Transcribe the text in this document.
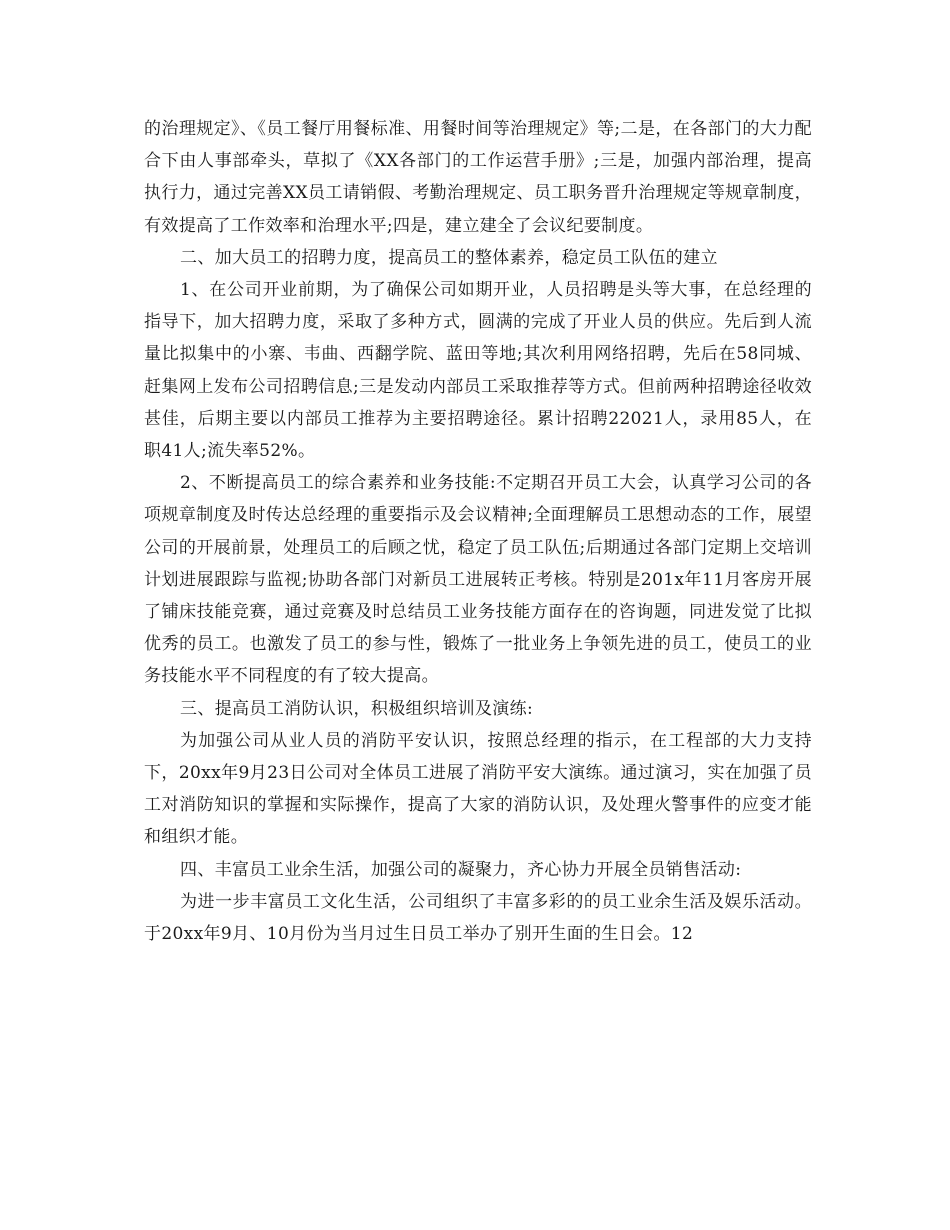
的治理规定》、《员工餐厅用餐标准、用餐时间等治理规定》等;二是，在各部门的大力配合下由人事部牵头，草拟了《XX各部门的工作运营手册》;三是，加强内部治理，提高执行力，通过完善XX员工请销假、考勤治理规定、员工职务晋升治理规定等规章制度，有效提高了工作效率和治理水平;四是，建立建全了会议纪要制度。

二、加大员工的招聘力度，提高员工的整体素养，稳定员工队伍的建立

1、在公司开业前期，为了确保公司如期开业，人员招聘是头等大事，在总经理的指导下，加大招聘力度，采取了多种方式，圆满的完成了开业人员的供应。先后到人流量比拟集中的小寨、韦曲、西翻学院、蓝田等地;其次利用网络招聘，先后在58同城、赶集网上发布公司招聘信息;三是发动内部员工采取推荐等方式。但前两种招聘途径收效甚佳，后期主要以内部员工推荐为主要招聘途径。累计招聘22021人，录用85人，在职41人;流失率52%。

2、不断提高员工的综合素养和业务技能:不定期召开员工大会，认真学习公司的各项规章制度及时传达总经理的重要指示及会议精神;全面理解员工思想动态的工作，展望公司的开展前景，处理员工的后顾之忧，稳定了员工队伍;后期通过各部门定期上交培训计划进展跟踪与监视;协助各部门对新员工进展转正考核。特别是201x年11月客房开展了铺床技能竞赛，通过竞赛及时总结员工业务技能方面存在的咨询题，同进发觉了比拟优秀的员工。也激发了员工的参与性，锻炼了一批业务上争领先进的员工，使员工的业务技能水平不同程度的有了较大提高。

三、提高员工消防认识，积极组织培训及演练:

为加强公司从业人员的消防平安认识，按照总经理的指示，在工程部的大力支持下，20xx年9月23日公司对全体员工进展了消防平安大演练。通过演习，实在加强了员工对消防知识的掌握和实际操作，提高了大家的消防认识，及处理火警事件的应变才能和组织才能。

四、丰富员工业余生活，加强公司的凝聚力，齐心协力开展全员销售活动:

为进一步丰富员工文化生活，公司组织了丰富多彩的的员工业余生活及娱乐活动。于20xx年9月、10月份为当月过生日员工举办了别开生面的生日会。12
